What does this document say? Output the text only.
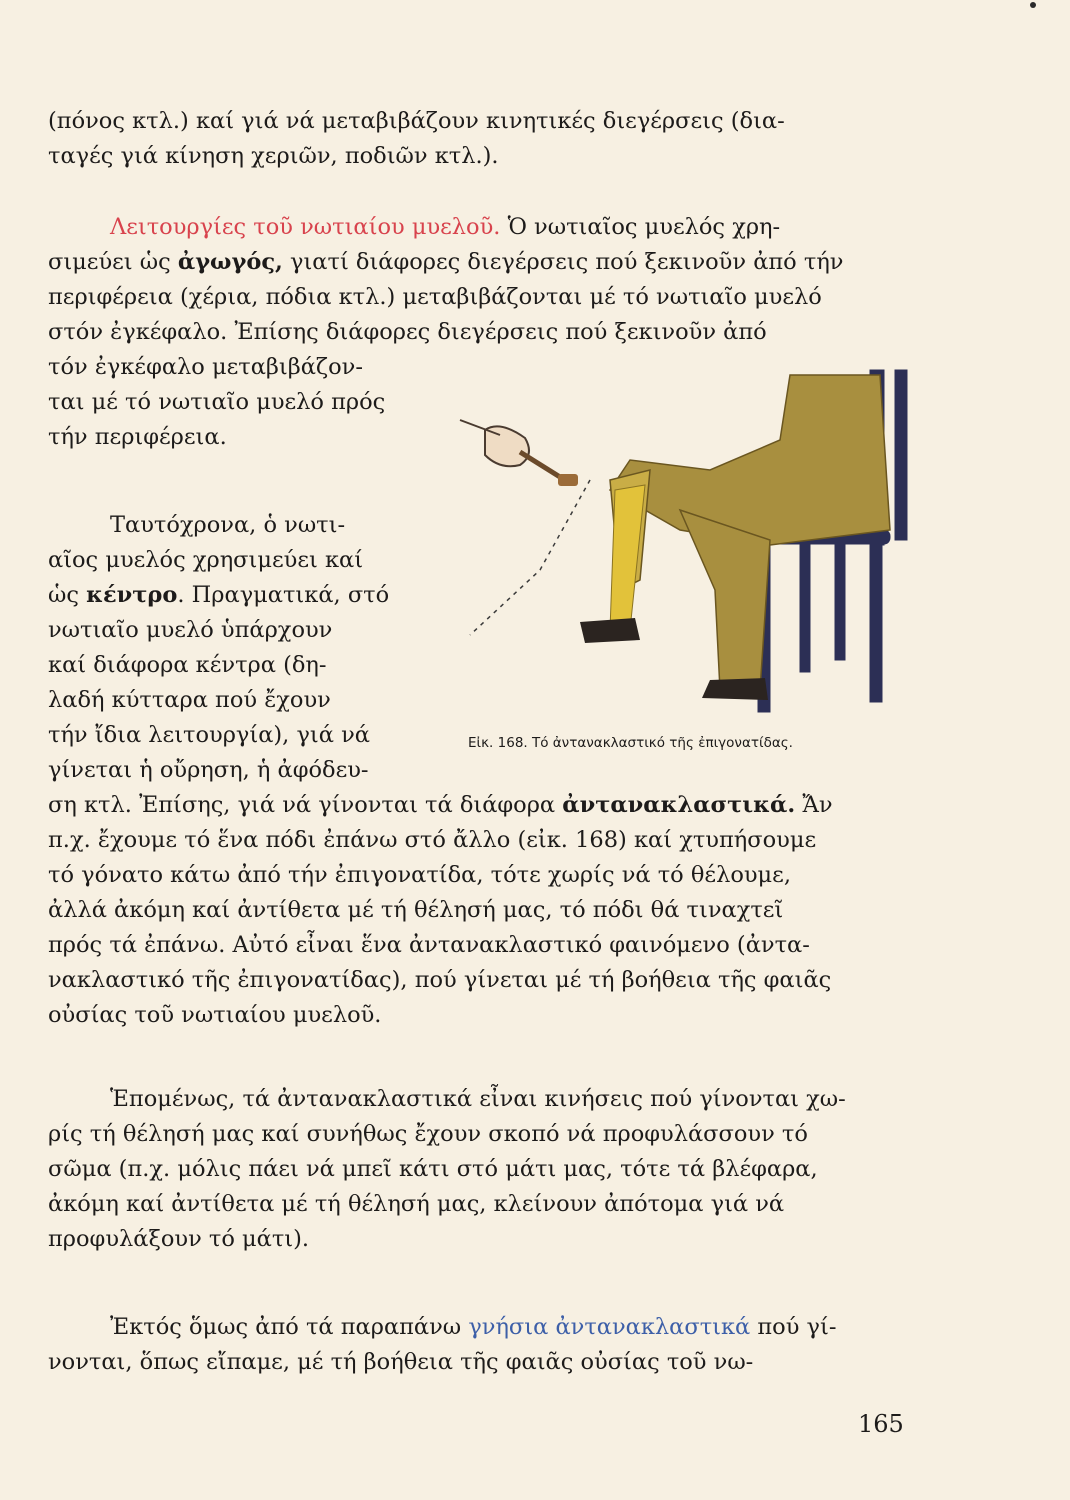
(πόνος κτλ.) καί γιά νά μεταβιβάζουν κινητικές διεγέρσεις (δια-
ταγές γιά κίνηση χεριῶν, ποδιῶν κτλ.).
Λειτουργίες τοῦ νωτιαίου μυελοῦ. Ὁ νωτιαῖος μυελός χρη-
σιμεύει ὡς ἀγωγός, γιατί διάφορες διεγέρσεις πού ξεκινοῦν ἀπό τήν
περιφέρεια (χέρια, πόδια κτλ.) μεταβιβάζονται μέ τό νωτιαῖο μυελό
στόν ἐγκέφαλο. Ἐπίσης διάφορες διεγέρσεις πού ξεκινοῦν ἀπό
τόν ἐγκέφαλο μεταβιβάζον-
ται μέ τό νωτιαῖο μυελό πρός
τήν περιφέρεια.
Ταυτόχρονα, ὁ νωτι-
αῖος μυελός χρησιμεύει καί
ὡς κέντρο. Πραγματικά, στό
νωτιαῖο μυελό ὑπάρχουν
καί διάφορα κέντρα (δη-
λαδή κύτταρα πού ἔχουν
τήν ἴδια λειτουργία), γιά νά
γίνεται ἡ οὔρηση, ἡ ἀφόδευ-
ση κτλ. Ἐπίσης, γιά νά γίνονται τά διάφορα ἀντανακλαστικά. Ἄν
π.χ. ἔχουμε τό ἕνα πόδι ἐπάνω στό ἄλλο (εἰκ. 168) καί χτυπήσουμε
τό γόνατο κάτω ἀπό τήν ἐπιγονατίδα, τότε χωρίς νά τό θέλουμε,
ἀλλά ἀκόμη καί ἀντίθετα μέ τή θέλησή μας, τό πόδι θά τιναχτεῖ
πρός τά ἐπάνω. Αὐτό εἶναι ἕνα ἀντανακλαστικό φαινόμενο (ἀντα-
νακλαστικό τῆς ἐπιγονατίδας), πού γίνεται μέ τή βοήθεια τῆς φαιᾶς
οὐσίας τοῦ νωτιαίου μυελοῦ.
Εἰκ. 168. Τό ἀντανακλαστικό τῆς ἐπιγονατίδας.
Ἑπομένως, τά ἀντανακλαστικά εἶναι κινήσεις πού γίνονται χω-
ρίς τή θέλησή μας καί συνήθως ἔχουν σκοπό νά προφυλάσσουν τό
σῶμα (π.χ. μόλις πάει νά μπεῖ κάτι στό μάτι μας, τότε τά βλέφαρα,
ἀκόμη καί ἀντίθετα μέ τή θέλησή μας, κλείνουν ἀπότομα γιά νά
προφυλάξουν τό μάτι).
Ἐκτός ὅμως ἀπό τά παραπάνω γνήσια ἀντανακλαστικά πού γί-
νονται, ὅπως εἴπαμε, μέ τή βοήθεια τῆς φαιᾶς οὐσίας τοῦ νω-
165
